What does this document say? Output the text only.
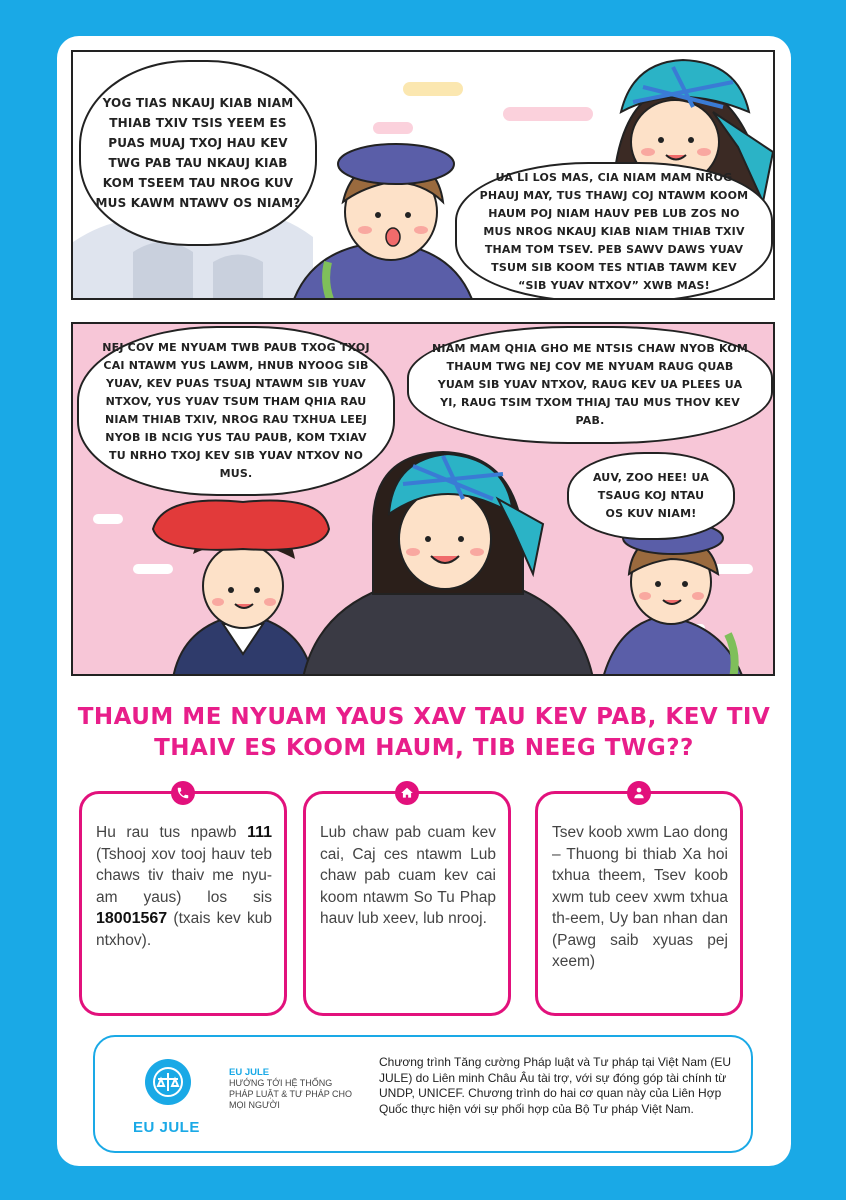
YOG TIAS NKAUJ KIAB NIAM THIAB TXIV TSIS YEEM ES PUAS MUAJ TXOJ HAU KEV TWG PAB TAU NKAUJ KIAB KOM TSEEM TAU NROG KUV MUS KAWM NTAWV OS NIAM?
UA LI LOS MAS, CIA NIAM MAM NROG PHAUJ MAY, TUS THAWJ COJ NTAWM KOOM HAUM POJ NIAM HAUV PEB LUB ZOS NO MUS NROG NKAUJ KIAB NIAM THIAB TXIV THAM TOM TSEV. PEB SAWV DAWS YUAV TSUM SIB KOOM TES NTIAB TAWM KEV “SIB YUAV NTXOV” XWB MAS!
NEJ COV ME NYUAM TWB PAUB TXOG TXOJ CAI NTAWM YUS LAWM, HNUB NYOOG SIB YUAV, KEV PUAS TSUAJ NTAWM SIB YUAV NTXOV, YUS YUAV TSUM THAM QHIA RAU NIAM THIAB TXIV, NROG RAU TXHUA LEEJ NYOB IB NCIG YUS TAU PAUB, KOM TXIAV TU NRHO TXOJ KEV SIB YUAV NTXOV NO MUS.
NIAM MAM QHIA GHO ME NTSIS CHAW NYOB KOM THAUM TWG NEJ COV ME NYUAM RAUG QUAB YUAM SIB YUAV NTXOV, RAUG KEV UA PLEES UA YI, RAUG TSIM TXOM THIAJ TAU MUS THOV KEV PAB.
AUV, ZOO HEE! UA TSAUG KOJ NTAU OS KUV NIAM!
THAUM ME NYUAM YAUS XAV TAU KEV PAB, KEV TIV THAIV ES KOOM HAUM, TIB NEEG TWG??
Hu rau tus npawb 111 (Tshooj xov tooj hauv teb chaws tiv thaiv me nyu-am yaus) los sis 18001567 (txais kev kub ntxhov).
Lub chaw pab cuam kev cai, Caj ces ntawm Lub chaw pab cuam kev cai koom ntawm So Tu Phap hauv lub xeev, lub nrooj.
Tsev koob xwm Lao dong – Thuong bi thiab Xa hoi txhua theem, Tsev koob xwm tub ceev xwm txhua th-eem, Uy ban nhan dan (Pawg saib xyuas pej xeem)
EU JULE
EU JULE
HƯỚNG TỚI HỆ THỐNG PHÁP LUẬT & TƯ PHÁP CHO MỌI NGƯỜI
Chương trình Tăng cường Pháp luật và Tư pháp tại Việt Nam (EU JULE) do Liên minh Châu Âu tài trợ, với sự đóng góp tài chính từ UNDP, UNICEF. Chương trình do hai cơ quan này của Liên Hợp Quốc thực hiện với sự phối hợp của Bộ Tư pháp Việt Nam.
